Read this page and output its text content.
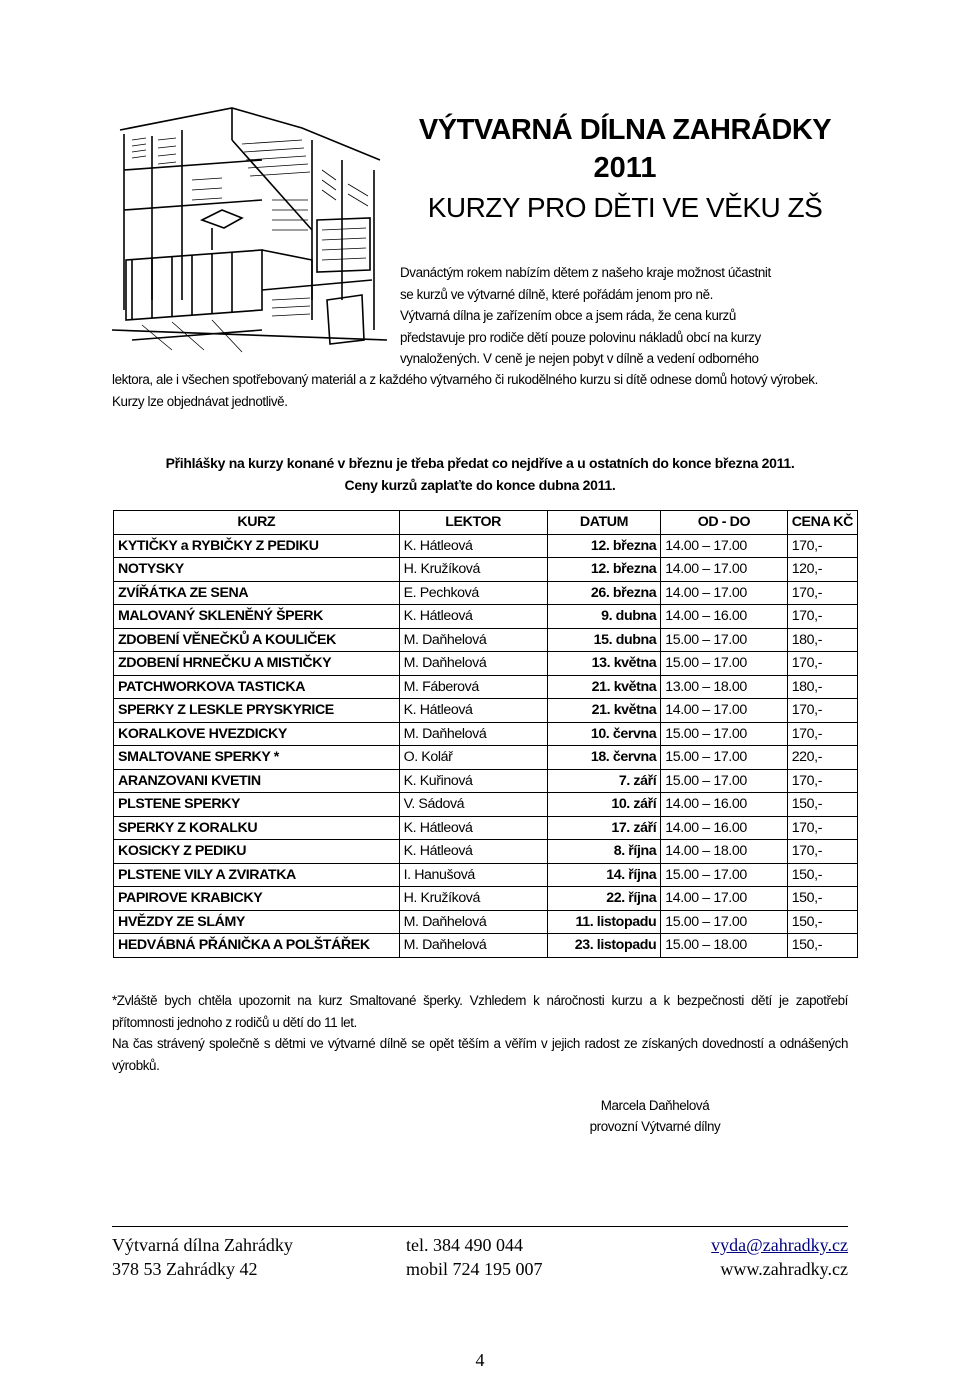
VÝTVARNÁ DÍLNA ZAHRÁDKY
2011
KURZY PRO DĚTI VE VĚKU ZŠ
Dvanáctým rokem nabízím dětem z našeho kraje možnost účastnit
se kurzů ve výtvarné dílně, které pořádám jenom pro ně.
Výtvarná dílna je zařízením obce a jsem ráda, že cena kurzů
představuje pro rodiče dětí pouze polovinu nákladů obcí na kurzy
vynaložených. V ceně je nejen pobyt v dílně a vedení odborného
lektora, ale i všechen spotřebovaný materiál a z každého výtvarného či rukodělného kurzu si dítě odnese domů hotový výrobek.
Kurzy lze objednávat jednotlivě.
Přihlášky na kurzy konané v březnu je třeba předat co nejdříve a u ostatních do konce března 2011.
Ceny kurzů zaplaťte do konce dubna 2011.
KURZ	LEKTOR	DATUM	OD - DO	CENA KČ
KYTIČKY a RYBIČKY Z PEDIKU	K. Hátleová	12. března	14.00 – 17.00	170,-
NOTYSKY	H. Kružíková	12. března	14.00 – 17.00	120,-
ZVÍŘÁTKA ZE SENA	E. Pechková	26. března	14.00 – 17.00	170,-
MALOVANÝ SKLENĚNÝ ŠPERK	K. Hátleová	9. dubna	14.00 – 16.00	170,-
ZDOBENÍ VĚNEČKŮ A KOULIČEK	M. Daňhelová	15. dubna	15.00 – 17.00	180,-
ZDOBENÍ HRNEČKU A MISTIČKY	M. Daňhelová	13. května	15.00 – 17.00	170,-
PATCHWORKOVA TASTICKA	M. Fáberová	21. května	13.00 – 18.00	180,-
SPERKY Z LESKLE PRYSKYRICE	K. Hátleová	21. května	14.00 – 17.00	170,-
KORALKOVE HVEZDICKY	M. Daňhelová	10. června	15.00 – 17.00	170,-
SMALTOVANE SPERKY *	O. Kolář	18. června	15.00 – 17.00	220,-
ARANZOVANI KVETIN	K. Kuřinová	7. září	15.00 – 17.00	170,-
PLSTENE SPERKY	V. Sádová	10. září	14.00 – 16.00	150,-
SPERKY Z KORALKU	K. Hátleová	17. září	14.00 – 16.00	170,-
KOSICKY Z PEDIKU	K. Hátleová	8. října	14.00 – 18.00	170,-
PLSTENE VILY A ZVIRATKA	I. Hanušová	14. října	15.00 – 17.00	150,-
PAPIROVE KRABICKY	H. Kružíková	22. října	14.00 – 17.00	150,-
HVĚZDY ZE SLÁMY	M. Daňhelová	11. listopadu	15.00 – 17.00	150,-
HEDVÁBNÁ PŘÁNIČKA A POLŠTÁŘEK	M. Daňhelová	23. listopadu	15.00 – 18.00	150,-
*Zvláště bych chtěla upozornit na kurz Smaltované šperky. Vzhledem k náročnosti kurzu a k bezpečnosti dětí je zapotřebí přítomnosti jednoho z rodičů u dětí do 11 let.
Na čas strávený společně s dětmi ve výtvarné dílně se opět těším a věřím v jejich radost ze získaných dovedností a odnášených výrobků.
Marcela Daňhelová
provozní Výtvarné dílny
Výtvarná dílna Zahrádky
378 53 Zahrádky 42
tel. 384 490 044
mobil 724 195 007
vyda@zahradky.cz
www.zahradky.cz
4
